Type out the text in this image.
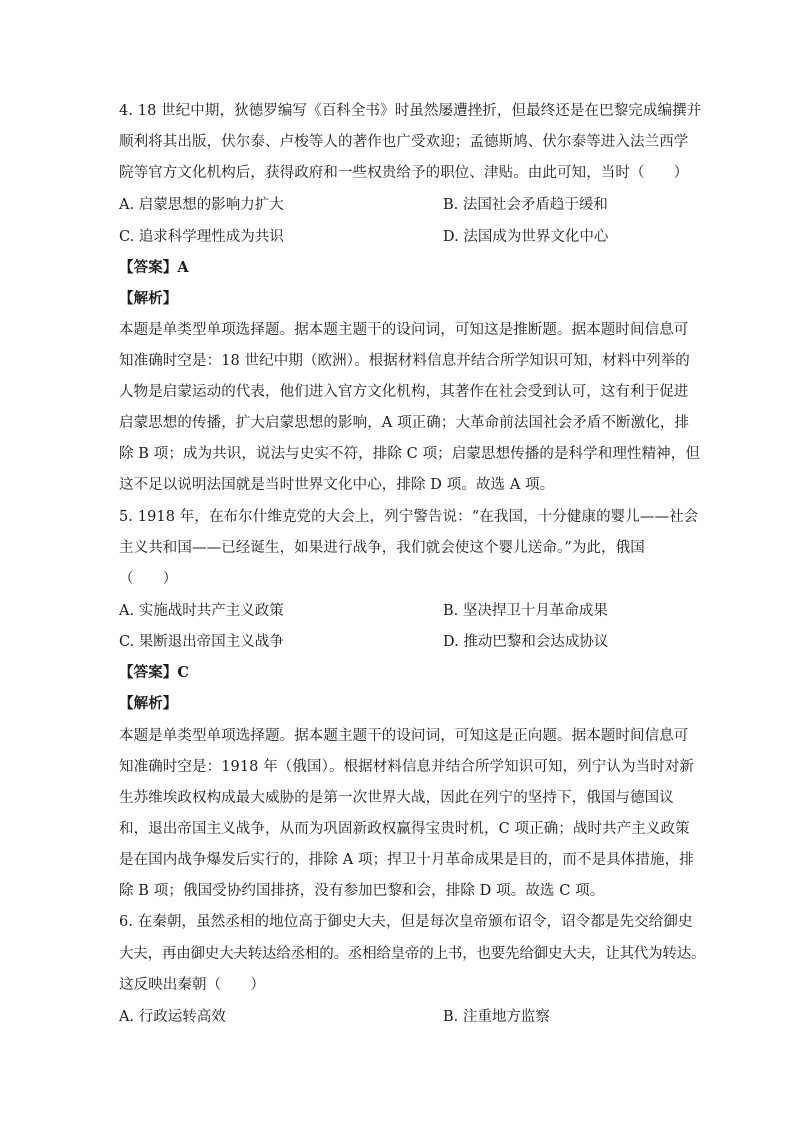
4. 18 世纪中期，狄德罗编写《百科全书》时虽然屡遭挫折，但最终还是在巴黎完成编撰并
顺利将其出版，伏尔泰、卢梭等人的著作也广受欢迎；孟德斯鸠、伏尔泰等进入法兰西学
院等官方文化机构后，获得政府和一些权贵给予的职位、津贴。由此可知，当时（　　）
A. 启蒙思想的影响力扩大	B. 法国社会矛盾趋于缓和
C. 追求科学理性成为共识	D. 法国成为世界文化中心
【答案】A
【解析】
本题是单类型单项选择题。据本题主题干的设问词，可知这是推断题。据本题时间信息可
知准确时空是：18 世纪中期（欧洲）。根据材料信息并结合所学知识可知，材料中列举的
人物是启蒙运动的代表，他们进入官方文化机构，其著作在社会受到认可，这有利于促进
启蒙思想的传播，扩大启蒙思想的影响，A 项正确；大革命前法国社会矛盾不断激化，排
除 B 项；成为共识，说法与史实不符，排除 C 项；启蒙思想传播的是科学和理性精神，但
这不足以说明法国就是当时世界文化中心，排除 D 项。故选 A 项。
5. 1918 年，在布尔什维克党的大会上，列宁警告说：“在我国，十分健康的婴儿——社会
主义共和国——已经诞生，如果进行战争，我们就会使这个婴儿送命。”为此，俄国
（　　）
A. 实施战时共产主义政策	B. 坚决捍卫十月革命成果
C. 果断退出帝国主义战争	D. 推动巴黎和会达成协议
【答案】C
【解析】
本题是单类型单项选择题。据本题主题干的设问词，可知这是正向题。据本题时间信息可
知准确时空是：1918 年（俄国）。根据材料信息并结合所学知识可知，列宁认为当时对新
生苏维埃政权构成最大威胁的是第一次世界大战，因此在列宁的坚持下，俄国与德国议
和，退出帝国主义战争，从而为巩固新政权赢得宝贵时机，C 项正确；战时共产主义政策
是在国内战争爆发后实行的，排除 A 项；捍卫十月革命成果是目的，而不是具体措施，排
除 B 项；俄国受协约国排挤，没有参加巴黎和会，排除 D 项。故选 C 项。
6. 在秦朝，虽然丞相的地位高于御史大夫，但是每次皇帝颁布诏令，诏令都是先交给御史
大夫，再由御史大夫转达给丞相的。丞相给皇帝的上书，也要先给御史大夫，让其代为转达。
这反映出秦朝（　　）
A. 行政运转高效	B. 注重地方监察
